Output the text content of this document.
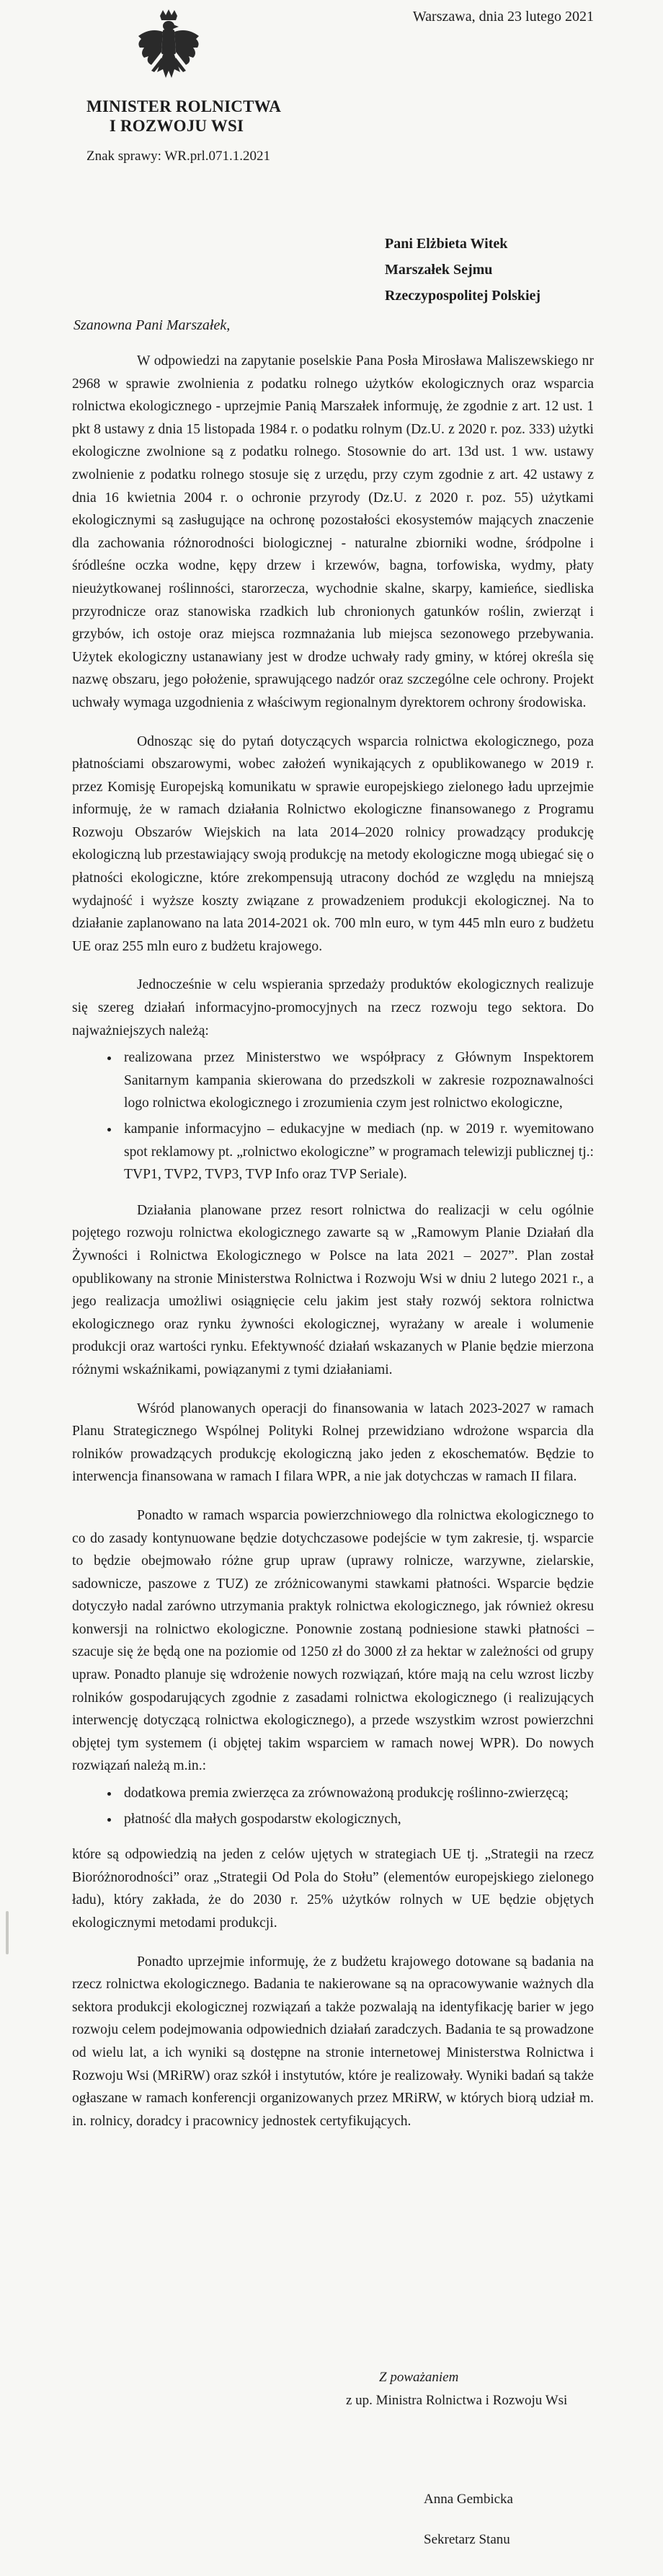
MINISTER ROLNICTWA
I ROZWOJU WSI
Warszawa, dnia 23 lutego 2021
Znak sprawy: WR.prl.071.1.2021
Pani Elżbieta Witek
Marszałek Sejmu
Rzeczypospolitej Polskiej
Szanowna Pani Marszałek,

W odpowiedzi na zapytanie poselskie Pana Posła Mirosława Maliszewskiego nr 2968 w sprawie zwolnienia z podatku rolnego użytków ekologicznych oraz wsparcia rolnictwa ekologicznego - uprzejmie Panią Marszałek informuję, że zgodnie z art. 12 ust. 1 pkt 8 ustawy z dnia 15 listopada 1984 r. o podatku rolnym (Dz.U. z 2020 r. poz. 333) użytki ekologiczne zwolnione są z podatku rolnego. Stosownie do art. 13d ust. 1 ww. ustawy zwolnienie z podatku rolnego stosuje się z urzędu, przy czym zgodnie z art. 42 ustawy z dnia 16 kwietnia 2004 r. o ochronie przyrody (Dz.U. z 2020 r. poz. 55) użytkami ekologicznymi są zasługujące na ochronę pozostałości ekosystemów mających znaczenie dla zachowania różnorodności biologicznej - naturalne zbiorniki wodne, śródpolne i śródleśne oczka wodne, kępy drzew i krzewów, bagna, torfowiska, wydmy, płaty nieużytkowanej roślinności, starorzecza, wychodnie skalne, skarpy, kamieńce, siedliska przyrodnicze oraz stanowiska rzadkich lub chronionych gatunków roślin, zwierząt i grzybów, ich ostoje oraz miejsca rozmnażania lub miejsca sezonowego przebywania. Użytek ekologiczny ustanawiany jest w drodze uchwały rady gminy, w której określa się nazwę obszaru, jego położenie, sprawującego nadzór oraz szczególne cele ochrony. Projekt uchwały wymaga uzgodnienia z właściwym regionalnym dyrektorem ochrony środowiska.

Odnosząc się do pytań dotyczących wsparcia rolnictwa ekologicznego, poza płatnościami obszarowymi, wobec założeń wynikających z opublikowanego w 2019 r. przez Komisję Europejską komunikatu w sprawie europejskiego zielonego ładu uprzejmie informuję, że w ramach działania Rolnictwo ekologiczne finansowanego z Programu Rozwoju Obszarów Wiejskich na lata 2014–2020 rolnicy prowadzący produkcję ekologiczną lub przestawiający swoją produkcję na metody ekologiczne mogą ubiegać się o płatności ekologiczne, które zrekompensują utracony dochód ze względu na mniejszą wydajność i wyższe koszty związane z prowadzeniem produkcji ekologicznej. Na to działanie zaplanowano na lata 2014-2021 ok. 700 mln euro, w tym 445 mln euro z budżetu UE oraz 255 mln euro z budżetu krajowego.

Jednocześnie w celu wspierania sprzedaży produktów ekologicznych realizuje się szereg działań informacyjno-promocyjnych na rzecz rozwoju tego sektora. Do najważniejszych należą:

• realizowana przez Ministerstwo we współpracy z Głównym Inspektorem Sanitarnym kampania skierowana do przedszkoli w zakresie rozpoznawalności logo rolnictwa ekologicznego i zrozumienia czym jest rolnictwo ekologiczne,
• kampanie informacyjno – edukacyjne w mediach (np. w 2019 r. wyemitowano spot reklamowy pt. „rolnictwo ekologiczne” w programach telewizji publicznej tj.: TVP1, TVP2, TVP3, TVP Info oraz TVP Seriale).

Działania planowane przez resort rolnictwa do realizacji w celu ogólnie pojętego rozwoju rolnictwa ekologicznego zawarte są w „Ramowym Planie Działań dla Żywności i Rolnictwa Ekologicznego w Polsce na lata 2021 – 2027”. Plan został opublikowany na stronie Ministerstwa Rolnictwa i Rozwoju Wsi w dniu 2 lutego 2021 r., a jego realizacja umożliwi osiągnięcie celu jakim jest stały rozwój sektora rolnictwa ekologicznego oraz rynku żywności ekologicznej, wyrażany w areale i wolumenie produkcji oraz wartości rynku. Efektywność działań wskazanych w Planie będzie mierzona różnymi wskaźnikami, powiązanymi z tymi działaniami.

Wśród planowanych operacji do finansowania w latach 2023-2027 w ramach Planu Strategicznego Wspólnej Polityki Rolnej przewidziano wdrożone wsparcia dla rolników prowadzących produkcję ekologiczną jako jeden z ekoschematów. Będzie to interwencja finansowana w ramach I filara WPR, a nie jak dotychczas w ramach II filara.

Ponadto w ramach wsparcia powierzchniowego dla rolnictwa ekologicznego to co do zasady kontynuowane będzie dotychczasowe podejście w tym zakresie, tj. wsparcie to będzie obejmowało różne grup upraw (uprawy rolnicze, warzywne, zielarskie, sadownicze, paszowe z TUZ) ze zróżnicowanymi stawkami płatności. Wsparcie będzie dotyczyło nadal zarówno utrzymania praktyk rolnictwa ekologicznego, jak również okresu konwersji na rolnictwo ekologiczne. Ponownie zostaną podniesione stawki płatności – szacuje się że będą one na poziomie od 1250 zł do 3000 zł za hektar w zależności od grupy upraw. Ponadto planuje się wdrożenie nowych rozwiązań, które mają na celu wzrost liczby rolników gospodarujących zgodnie z zasadami rolnictwa ekologicznego (i realizujących interwencję dotyczącą rolnictwa ekologicznego), a przede wszystkim wzrost powierzchni objętej tym systemem (i objętej takim wsparciem w ramach nowej WPR). Do nowych rozwiązań należą m.in.:

• dodatkowa premia zwierzęca za zrównoważoną produkcję roślinno-zwierzęcą;
• płatność dla małych gospodarstw ekologicznych,

które są odpowiedzią na jeden z celów ujętych w strategiach UE tj. „Strategii na rzecz Bioróżnorodności” oraz „Strategii Od Pola do Stołu” (elementów europejskiego zielonego ładu), który zakłada, że do 2030 r. 25% użytków rolnych w UE będzie objętych ekologicznymi metodami produkcji.

Ponadto uprzejmie informuję, że z budżetu krajowego dotowane są badania na rzecz rolnictwa ekologicznego. Badania te nakierowane są na opracowywanie ważnych dla sektora produkcji ekologicznej rozwiązań a także pozwalają na identyfikację barier w jego rozwoju celem podejmowania odpowiednich działań zaradczych. Badania te są prowadzone od wielu lat, a ich wyniki są dostępne na stronie internetowej Ministerstwa Rolnictwa i Rozwoju Wsi (MRiRW) oraz szkół i instytutów, które je realizowały. Wyniki badań są także ogłaszane w ramach konferencji organizowanych przez MRiRW, w których biorą udział m. in. rolnicy, doradcy i pracownicy jednostek certyfikujących.

Z poważaniem
z up. Ministra Rolnictwa i Rozwoju Wsi
Anna Gembicka
Sekretarz Stanu
